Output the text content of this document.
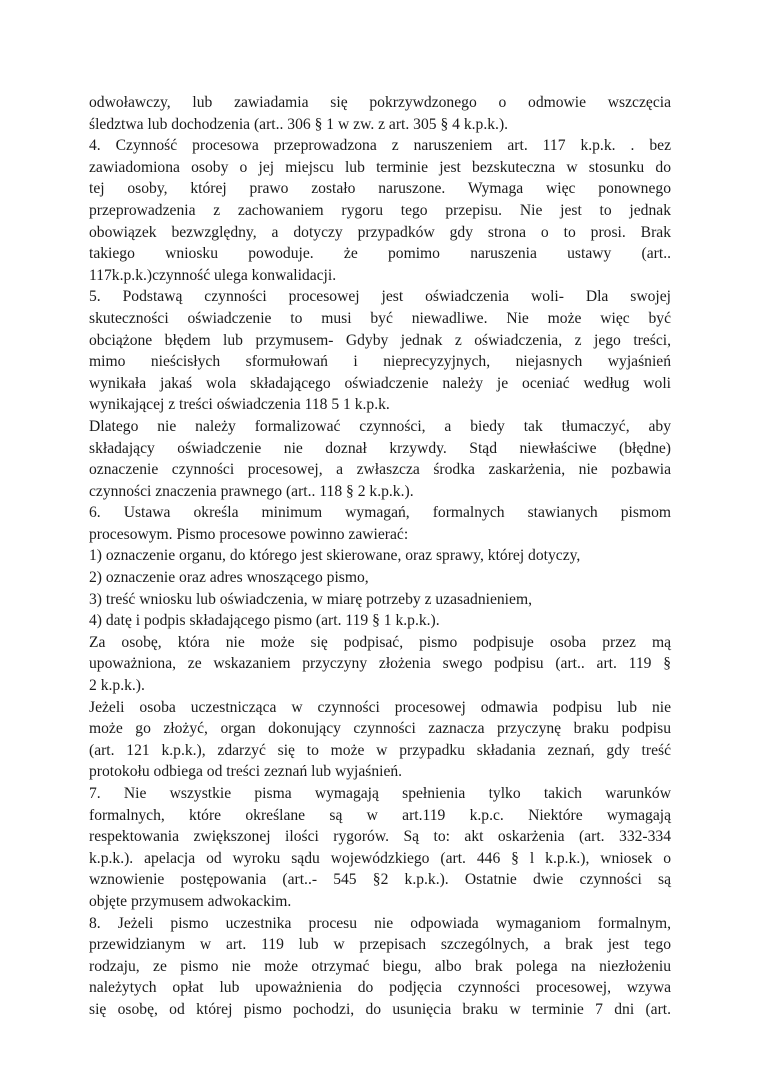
odwoławczy, lub zawiadamia się pokrzywdzonego o odmowie wszczęcia
śledztwa lub dochodzenia (art.. 306 § 1 w zw. z art. 305 § 4 k.p.k.).
4. Czynność procesowa przeprowadzona z naruszeniem art. 117 k.p.k. . bez
zawiadomiona osoby o jej miejscu lub terminie jest bezskuteczna w stosunku do
tej osoby, której prawo zostało naruszone. Wymaga więc ponownego
przeprowadzenia z zachowaniem rygoru tego przepisu. Nie jest to jednak
obowiązek bezwzględny, a dotyczy przypadków gdy strona o to prosi. Brak
takiego wniosku powoduje. że pomimo naruszenia ustawy (art..
117k.p.k.)czynność ulega konwalidacji.
5. Podstawą czynności procesowej jest oświadczenia woli- Dla swojej
skuteczności oświadczenie to musi być niewadliwe. Nie może więc być
obciążone błędem lub przymusem- Gdyby jednak z oświadczenia, z jego treści,
mimo nieścisłych sformułowań i nieprecyzyjnych, niejasnych wyjaśnień
wynikała jakaś wola składającego oświadczenie należy je oceniać według woli
wynikającej z treści oświadczenia 118 5 1 k.p.k.
Dlatego nie należy formalizować czynności, a biedy tak tłumaczyć, aby
składający oświadczenie nie doznał krzywdy. Stąd niewłaściwe (błędne)
oznaczenie czynności procesowej, a zwłaszcza środka zaskarżenia, nie pozbawia
czynności znaczenia prawnego (art.. 118 § 2 k.p.k.).
6. Ustawa określa minimum wymagań, formalnych stawianych pismom
procesowym. Pismo procesowe powinno zawierać:
1) oznaczenie organu, do którego jest skierowane, oraz sprawy, której dotyczy,
2) oznaczenie oraz adres wnoszącego pismo,
3) treść wniosku lub oświadczenia, w miarę potrzeby z uzasadnieniem,
4) datę i podpis składającego pismo (art. 119 § 1 k.p.k.).
Za osobę, która nie może się podpisać, pismo podpisuje osoba przez mą
upoważniona, ze wskazaniem przyczyny złożenia swego podpisu (art.. art. 119 §
2 k.p.k.).
Jeżeli osoba uczestnicząca w czynności procesowej odmawia podpisu lub nie
może go złożyć, organ dokonujący czynności zaznacza przyczynę braku podpisu
(art. 121 k.p.k.), zdarzyć się to może w przypadku składania zeznań, gdy treść
protokołu odbiega od treści zeznań lub wyjaśnień.
7. Nie wszystkie pisma wymagają spełnienia tylko takich warunków
formalnych, które określane są w art.119 k.p.c. Niektóre wymagają
respektowania zwiększonej ilości rygorów. Są to: akt oskarżenia (art. 332-334
k.p.k.). apelacja od wyroku sądu wojewódzkiego (art. 446 § l k.p.k.), wniosek o
wznowienie postępowania (art..- 545 §2 k.p.k.). Ostatnie dwie czynności są
objęte przymusem adwokackim.
8. Jeżeli pismo uczestnika procesu nie odpowiada wymaganiom formalnym,
przewidzianym w art. 119 lub w przepisach szczególnych, a brak jest tego
rodzaju, ze pismo nie może otrzymać biegu, albo brak polega na niezłożeniu
należytych opłat lub upoważnienia do podjęcia czynności procesowej, wzywa
się osobę, od której pismo pochodzi, do usunięcia braku w terminie 7 dni (art.
